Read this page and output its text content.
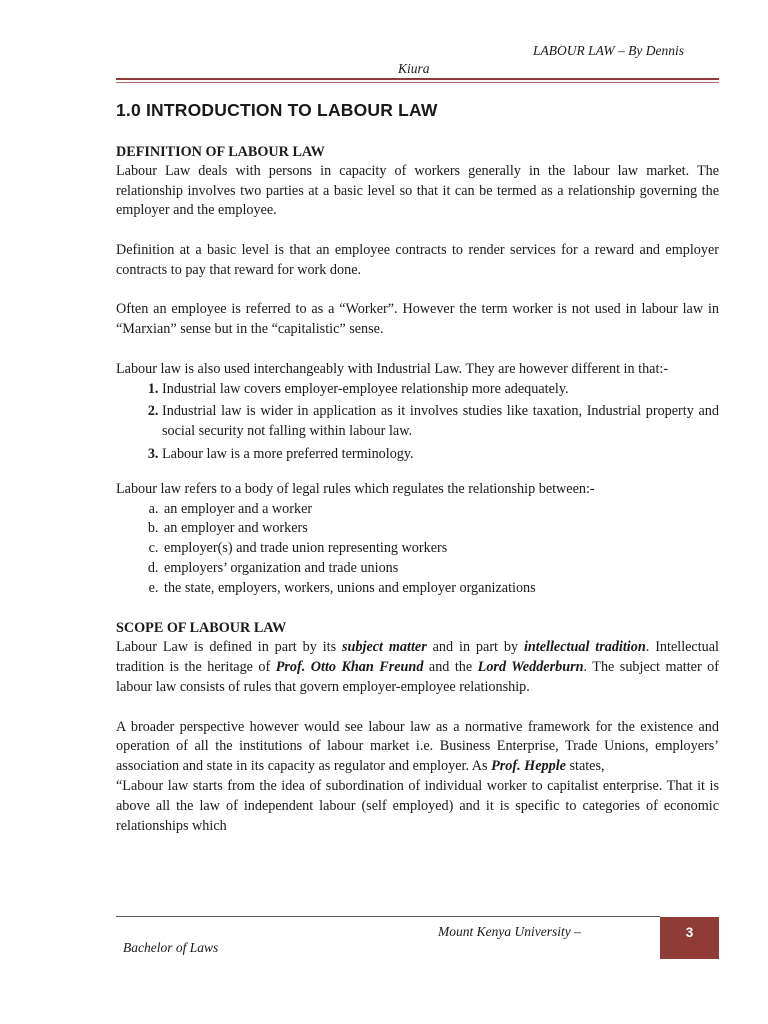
LABOUR LAW – By Dennis
Kiura
1.0 INTRODUCTION TO LABOUR LAW
DEFINITION OF LABOUR LAW

Labour Law deals with persons in capacity of workers generally in the labour law market. The relationship involves two parties at a basic level so that it can be termed as a relationship governing the employer and the employee.

Definition at a basic level is that an employee contracts to render services for a reward and employer contracts to pay that reward for work done.

Often an employee is referred to as a “Worker”. However the term worker is not used in labour law in “Marxian” sense but in the “capitalistic” sense.

Labour law is also used interchangeably with Industrial Law. They are however different in that:-

1. Industrial law covers employer-employee relationship more adequately.
2. Industrial law is wider in application as it involves studies like taxation, Industrial property and social security not falling within labour law.
3. Labour law is a more preferred terminology.

Labour law refers to a body of legal rules which regulates the relationship between:-

a. an employer and a worker
b. an employer and workers
c. employer(s) and trade union representing workers
d. employers’ organization and trade unions
e. the state, employers, workers, unions and employer organizations
SCOPE OF LABOUR LAW

Labour Law is defined in part by its subject matter and in part by intellectual tradition. Intellectual tradition is the heritage of Prof. Otto Khan Freund and the Lord Wedderburn. The subject matter of labour law consists of rules that govern employer-employee relationship.

A broader perspective however would see labour law as a normative framework for the existence and operation of all the institutions of labour market i.e. Business Enterprise, Trade Unions, employers’ association and state in its capacity as regulator and employer. As Prof. Hepple states,

“Labour law starts from the idea of subordination of individual worker to capitalist enterprise. That it is above all the law of independent labour (self employed) and it is specific to categories of economic relationships which

Mount Kenya University –
Bachelor of Laws
3
